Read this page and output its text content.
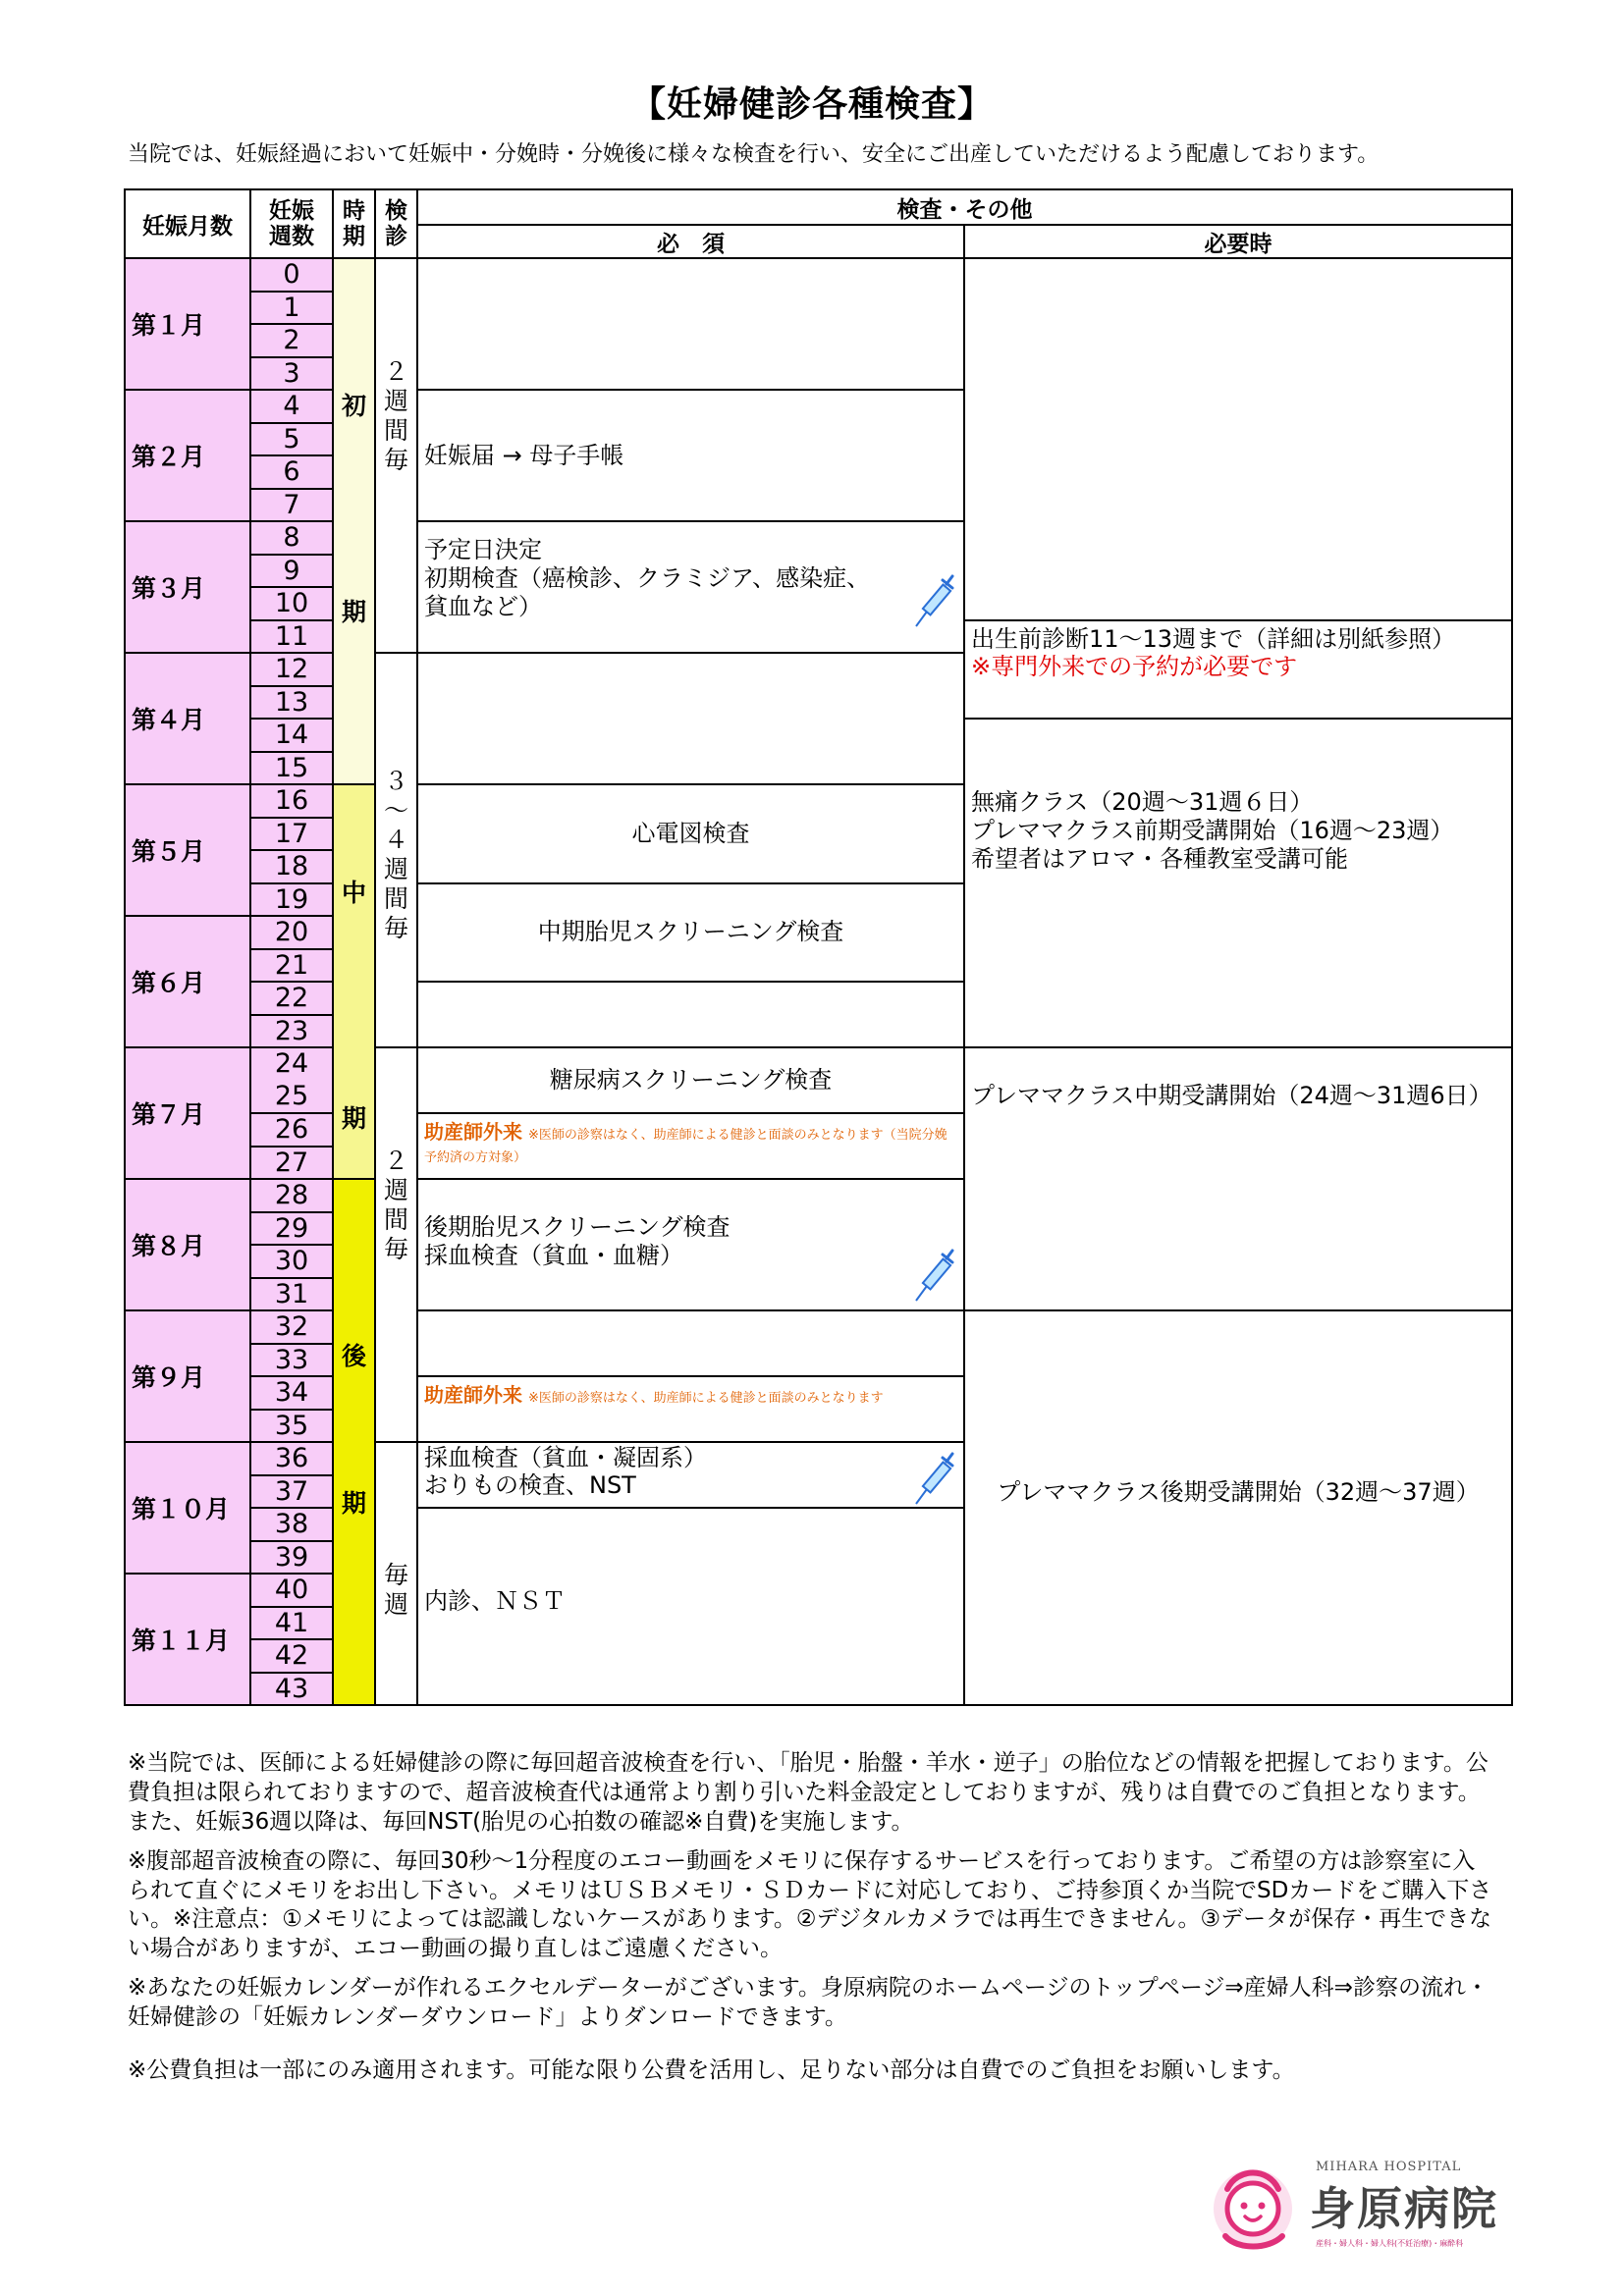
【妊婦健診各種検査】
当院では、妊娠経過において妊娠中・分娩時・分娩後に様々な検査を行い、安全にご出産していただけるよう配慮しております。
妊娠月数
妊娠週数
時期
検診
検査・その他
必　須	必要時
第１月
第２月
第３月
第４月
第５月
第６月
第７月
第８月
第９月
第１０月
第１１月
0
1
2
3
4
5
6
7
8
9
10
11
12
13
14
15
16
17
18
19
20
21
22
23
24
25
26
27
28
29
30
31
32
33
34
35
36
37
38
39
40
41
42
43
初
期
中
期
後
期
２
週
間
毎
３
〜
４
週
間
毎
２
週
間
毎
毎
週
妊娠届 → 母子手帳
予定日決定
初期検査（癌検診、クラミジア、感染症、
貧血など）
心電図検査
中期胎児スクリーニング検査
糖尿病スクリーニング検査
助産師外来 ※医師の診察はなく、助産師による健診と面談のみとなります（当院分娩予約済の方対象）
後期胎児スクリーニング検査
採血検査（貧血・血糖）
助産師外来 ※医師の診察はなく、助産師による健診と面談のみとなります
採血検査（貧血・凝固系）
おりもの検査、NST
内診、ＮＳＴ
出生前診断11〜13週まで（詳細は別紙参照）
※専門外来での予約が必要です
無痛クラス（20週〜31週６日）
プレママクラス前期受講開始（16週〜23週）
希望者はアロマ・各種教室受講可能
プレママクラス中期受講開始（24週〜31週6日）
プレママクラス後期受講開始（32週〜37週）

※当院では、医師による妊婦健診の際に毎回超音波検査を行い、「胎児・胎盤・羊水・逆子」の胎位などの情報を把握しております。公費負担は限られておりますので、超音波検査代は通常より割り引いた料金設定としておりますが、残りは自費でのご負担となります。また、妊娠36週以降は、毎回NST(胎児の心拍数の確認※自費)を実施します。

※腹部超音波検査の際に、毎回30秒〜1分程度のエコー動画をメモリに保存するサービスを行っております。ご希望の方は診察室に入られて直ぐにメモリをお出し下さい。メモリはＵＳＢメモリ・ＳＤカードに対応しており、ご持参頂くか当院でSDカードをご購入下さい。※注意点：①メモリによっては認識しないケースがあります。②デジタルカメラでは再生できません。③データが保存・再生できない場合がありますが、エコー動画の撮り直しはご遠慮ください。

※あなたの妊娠カレンダーが作れるエクセルデーターがございます。身原病院のホームページのトップページ⇒産婦人科⇒診察の流れ・妊婦健診の「妊娠カレンダーダウンロード」よりダンロードできます。

※公費負担は一部にのみ適用されます。可能な限り公費を活用し、足りない部分は自費でのご負担をお願いします。

MIHARA HOSPITAL
身原病院
産科・婦人科・婦人科(不妊治療)・麻酔科
